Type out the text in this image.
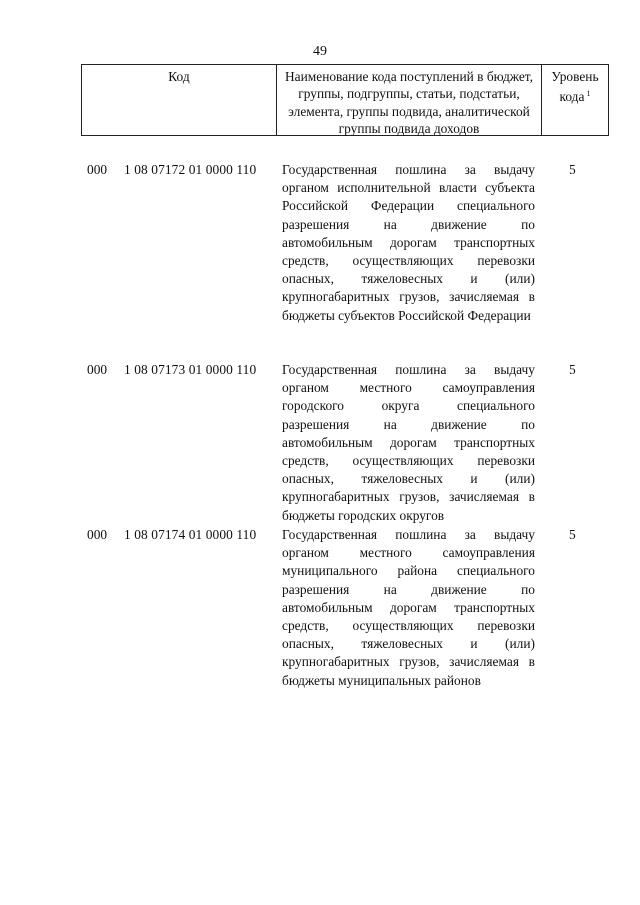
49
Код	Наименование кода поступлений в бюджет, группы, подгруппы, статьи, подстатьи, элемента, группы подвида, аналитической группы подвида доходов
Уровень кода $^1$
000 1 08 07172 01 0000 110 Государственная пошлина за выдачу органом исполнительной власти субъекта Российской Федерации специального разрешения на движение по автомобильным дорогам транспортных средств, осуществляющих перевозки опасных, тяжеловесных и (или) крупногабаритных грузов, зачисляемая в бюджеты субъектов Российской Федерации
5
000 1 08 07173 01 0000 110 Государственная пошлина за выдачу органом местного самоуправления городского округа специального разрешения на движение по автомобильным дорогам транспортных средств, осуществляющих перевозки опасных, тяжеловесных и (или) крупногабаритных грузов, зачисляемая в бюджеты городских округов
5
000 1 08 07174 01 0000 110 Государственная пошлина за выдачу органом местного самоуправления муниципального района специального разрешения на движение по автомобильным дорогам транспортных средств, осуществляющих перевозки опасных, тяжеловесных и (или) крупногабаритных грузов, зачисляемая в бюджеты муниципальных районов
5
